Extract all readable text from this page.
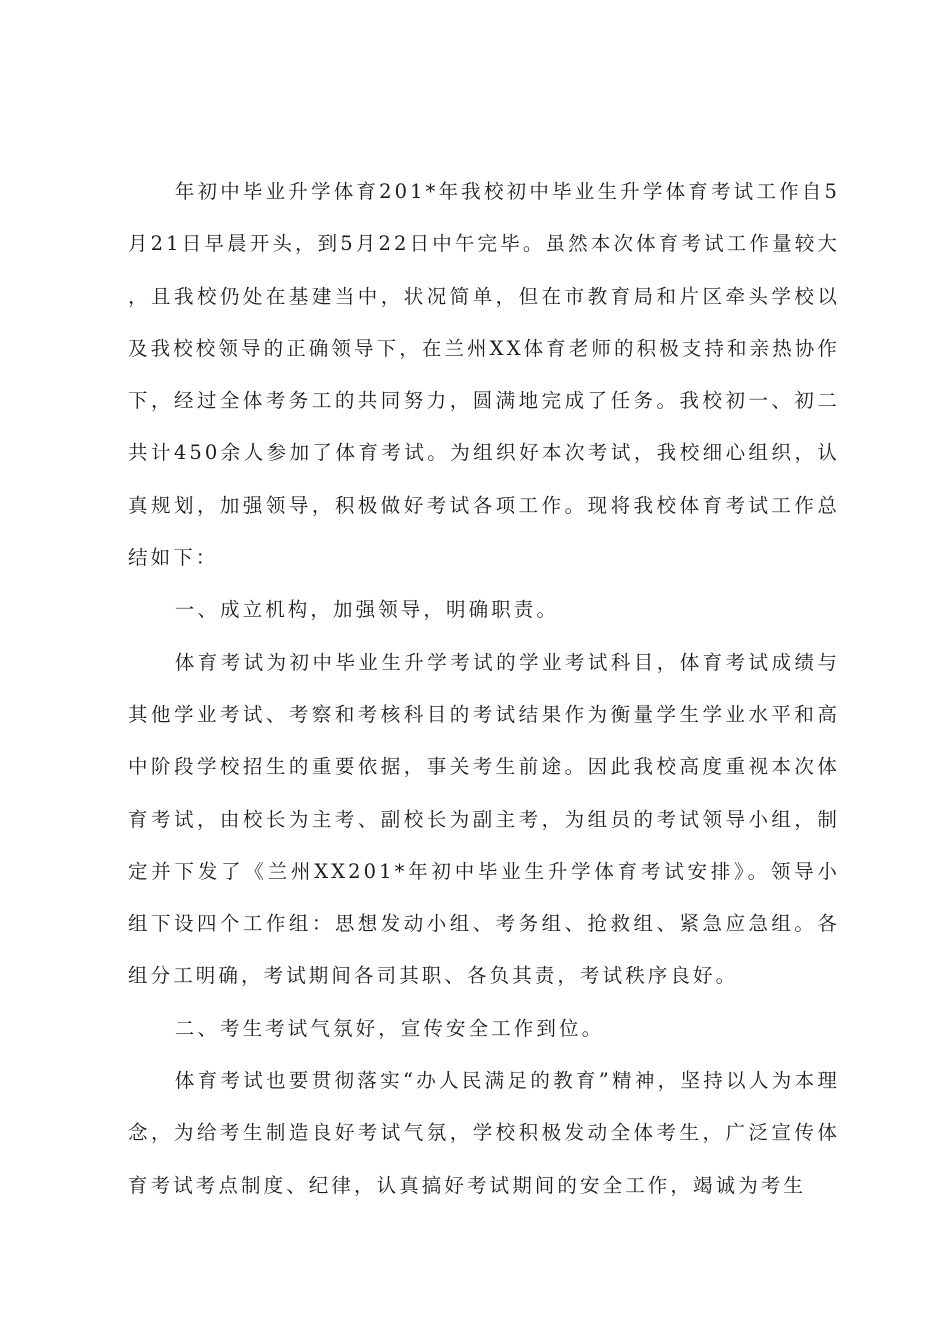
年初中毕业升学体育201*年我校初中毕业生升学体育考试工作自5月21日早晨开头，到5月22日中午完毕。虽然本次体育考试工作量较大，且我校仍处在基建当中，状况简单，但在市教育局和片区牵头学校以及我校校领导的正确领导下，在兰州XX体育老师的积极支持和亲热协作下，经过全体考务工的共同努力，圆满地完成了任务。我校初一、初二共计450余人参加了体育考试。为组织好本次考试，我校细心组织，认真规划，加强领导，积极做好考试各项工作。现将我校体育考试工作总结如下：

一、成立机构，加强领导，明确职责。

体育考试为初中毕业生升学考试的学业考试科目，体育考试成绩与其他学业考试、考察和考核科目的考试结果作为衡量学生学业水平和高中阶段学校招生的重要依据，事关考生前途。因此我校高度重视本次体育考试，由校长为主考、副校长为副主考，为组员的考试领导小组，制定并下发了《兰州XX201*年初中毕业生升学体育考试安排》。领导小组下设四个工作组：思想发动小组、考务组、抢救组、紧急应急组。各组分工明确，考试期间各司其职、各负其责，考试秩序良好。

二、考生考试气氛好，宣传安全工作到位。

体育考试也要贯彻落实“办人民满足的教育”精神，坚持以人为本理念，为给考生制造良好考试气氛，学校积极发动全体考生，广泛宣传体育考试考点制度、纪律，认真搞好考试期间的安全工作，竭诚为考生
